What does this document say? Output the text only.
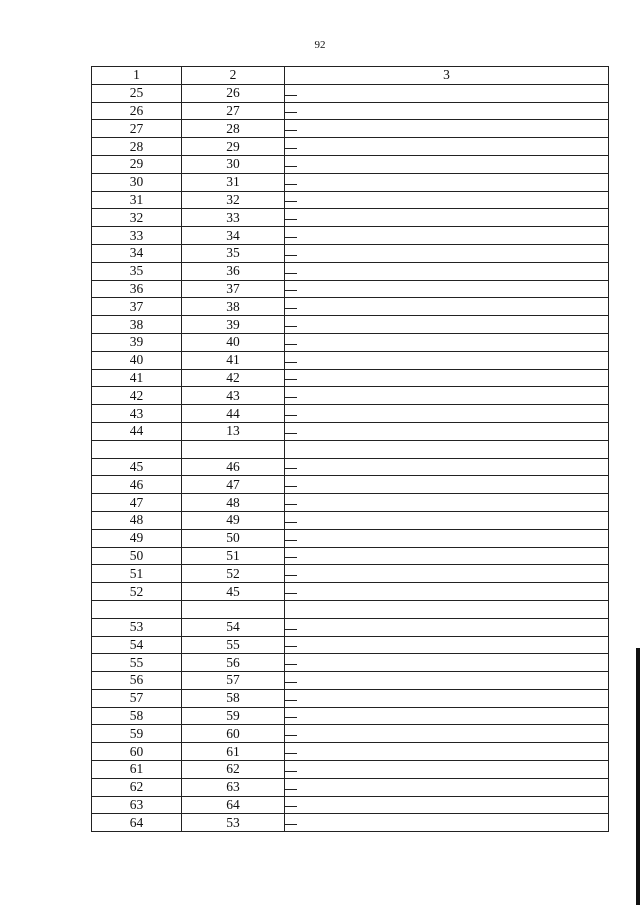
92
1	2	3
25	26	
26	27	
27	28	
28	29	
29	30	
30	31	
31	32	
32	33	
33	34	
34	35	
35	36	
36	37	
37	38	
38	39	
39	40	
40	41	
41	42	
42	43	
43	44	
44	13	

45	46	
46	47	
47	48	
48	49	
49	50	
50	51	
51	52	
52	45	

53	54	
54	55	
55	56	
56	57	
57	58	
58	59	
59	60	
60	61	
61	62	
62	63	
63	64	
64	53	
